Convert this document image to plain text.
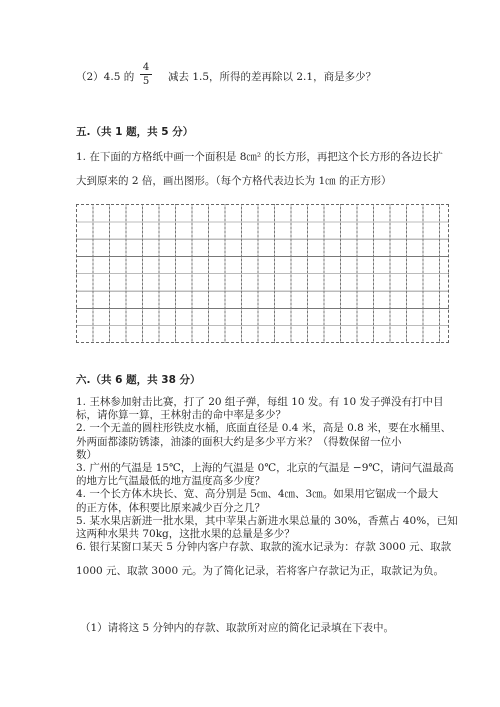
（2）4.5 的
4
5 减去 1.5，所得的差再除以 2.1，商是多少？
五.（共 1 题，共 5 分）
1. 在下面的方格纸中画一个面积是 8㎝² 的长方形，再把这个长方形的各边长扩
大到原来的 2 倍，画出图形。（每个方格代表边长为 1㎝ 的正方形）
六.（共 6 题，共 38 分）
1. 王林参加射击比赛，打了 20 组子弹，每组 10 发。有 10 发子弹没有打中目
标，请你算一算，王林射击的命中率是多少？
2. 一个无盖的圆柱形铁皮水桶，底面直径是 0.4 米，高是 0.8 米，要在水桶里、
外两面都漆防锈漆，油漆的面积大约是多少平方米？（得数保留一位小
数）
3. 广州的气温是 15℃，上海的气温是 0℃，北京的气温是 −9℃，请问气温最高
的地方比气温最低的地方温度高多少度？
4. 一个长方体木块长、宽、高分别是 5㎝、4㎝、3㎝。如果用它锯成一个最大
的正方体，体积要比原来减少百分之几？
5. 某水果店新进一批水果，其中苹果占新进水果总量的 30%，香蕉占 40%，已知
这两种水果共 70kg，这批水果的总量是多少？
6. 银行某窗口某天 5 分钟内客户存款、取款的流水记录为：存款 3000 元、取款
1000 元、取款 3000 元。为了简化记录，若将客户存款记为正，取款记为负。
（1）请将这 5 分钟内的存款、取款所对应的简化记录填在下表中。
